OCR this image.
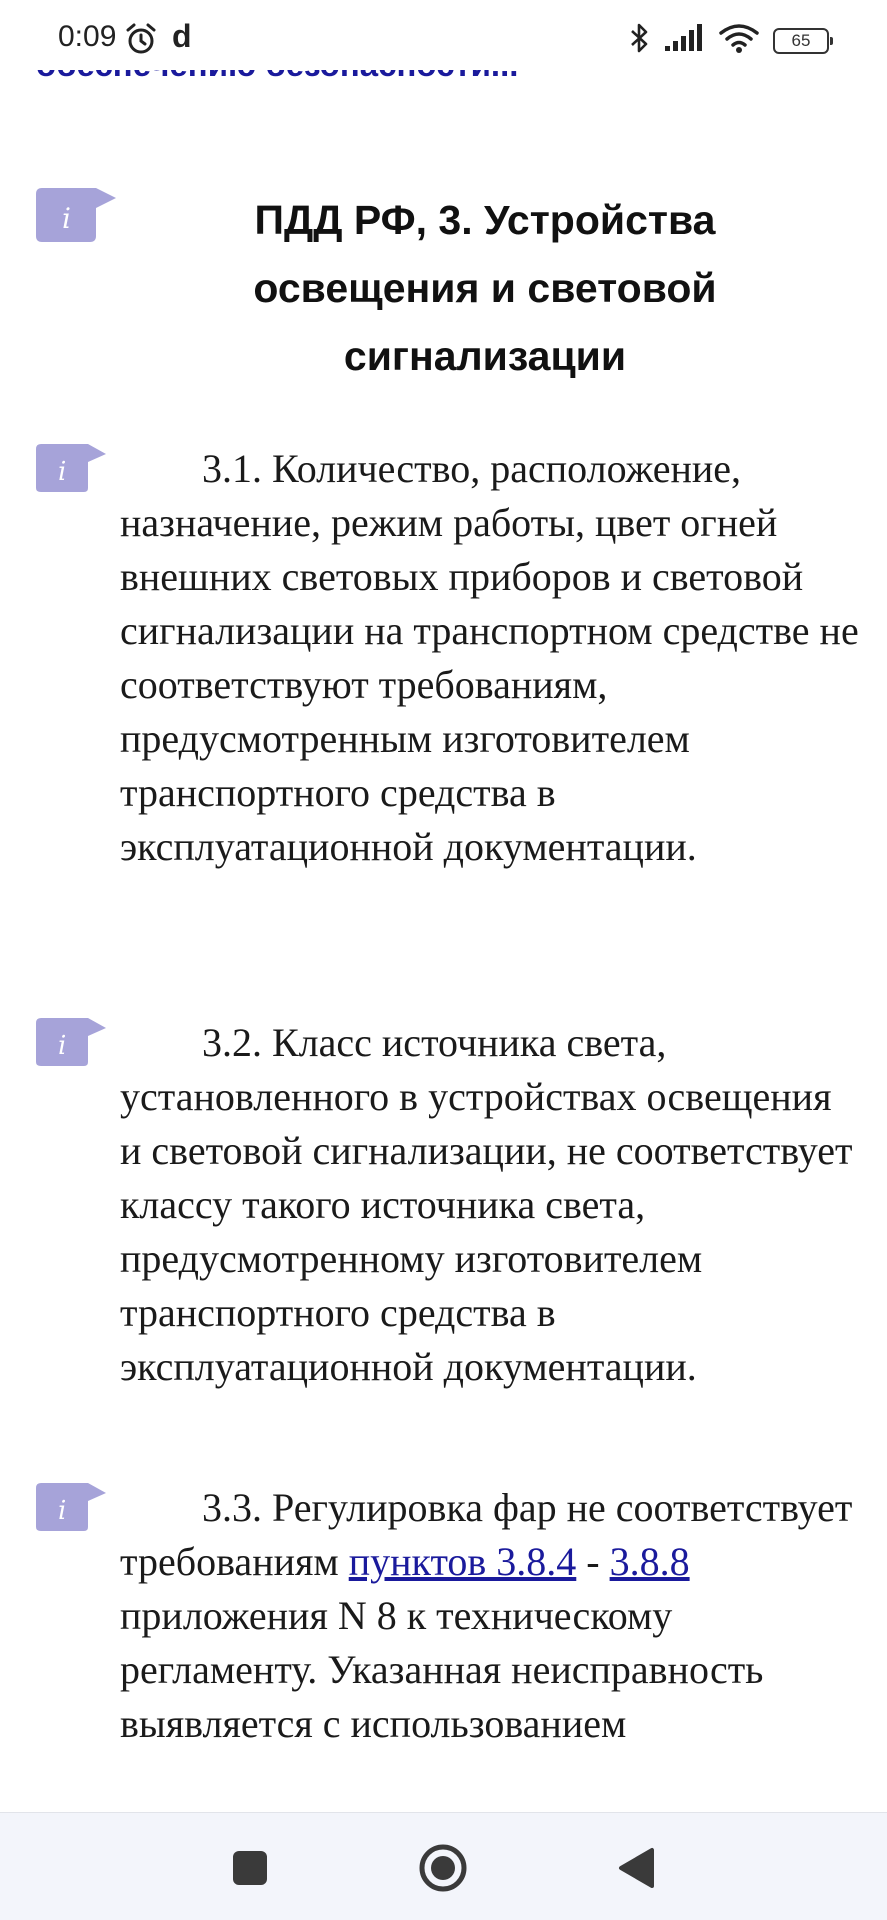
i	ПДД РФ, 3. Устройства освещения и световой сигнализации
i	3.1. Количество, расположение, назначение, режим работы, цвет огней внешних световых приборов и световой сигнализации на транспортном средстве не соответствуют требованиям, предусмотренным изготовителем транспортного средства в эксплуатационной документации.
i	3.2. Класс источника света, установленного в устройствах освещения и световой сигнализации, не соответствует классу такого источника света, предусмотренному изготовителем транспортного средства в эксплуатационной документации.
i	3.3. Регулировка фар не соответствует требованиям пунктов 3.8.4 - 3.8.8 приложения N 8 к техническому регламенту. Указанная неисправность выявляется с использованием
0:09 d	65
